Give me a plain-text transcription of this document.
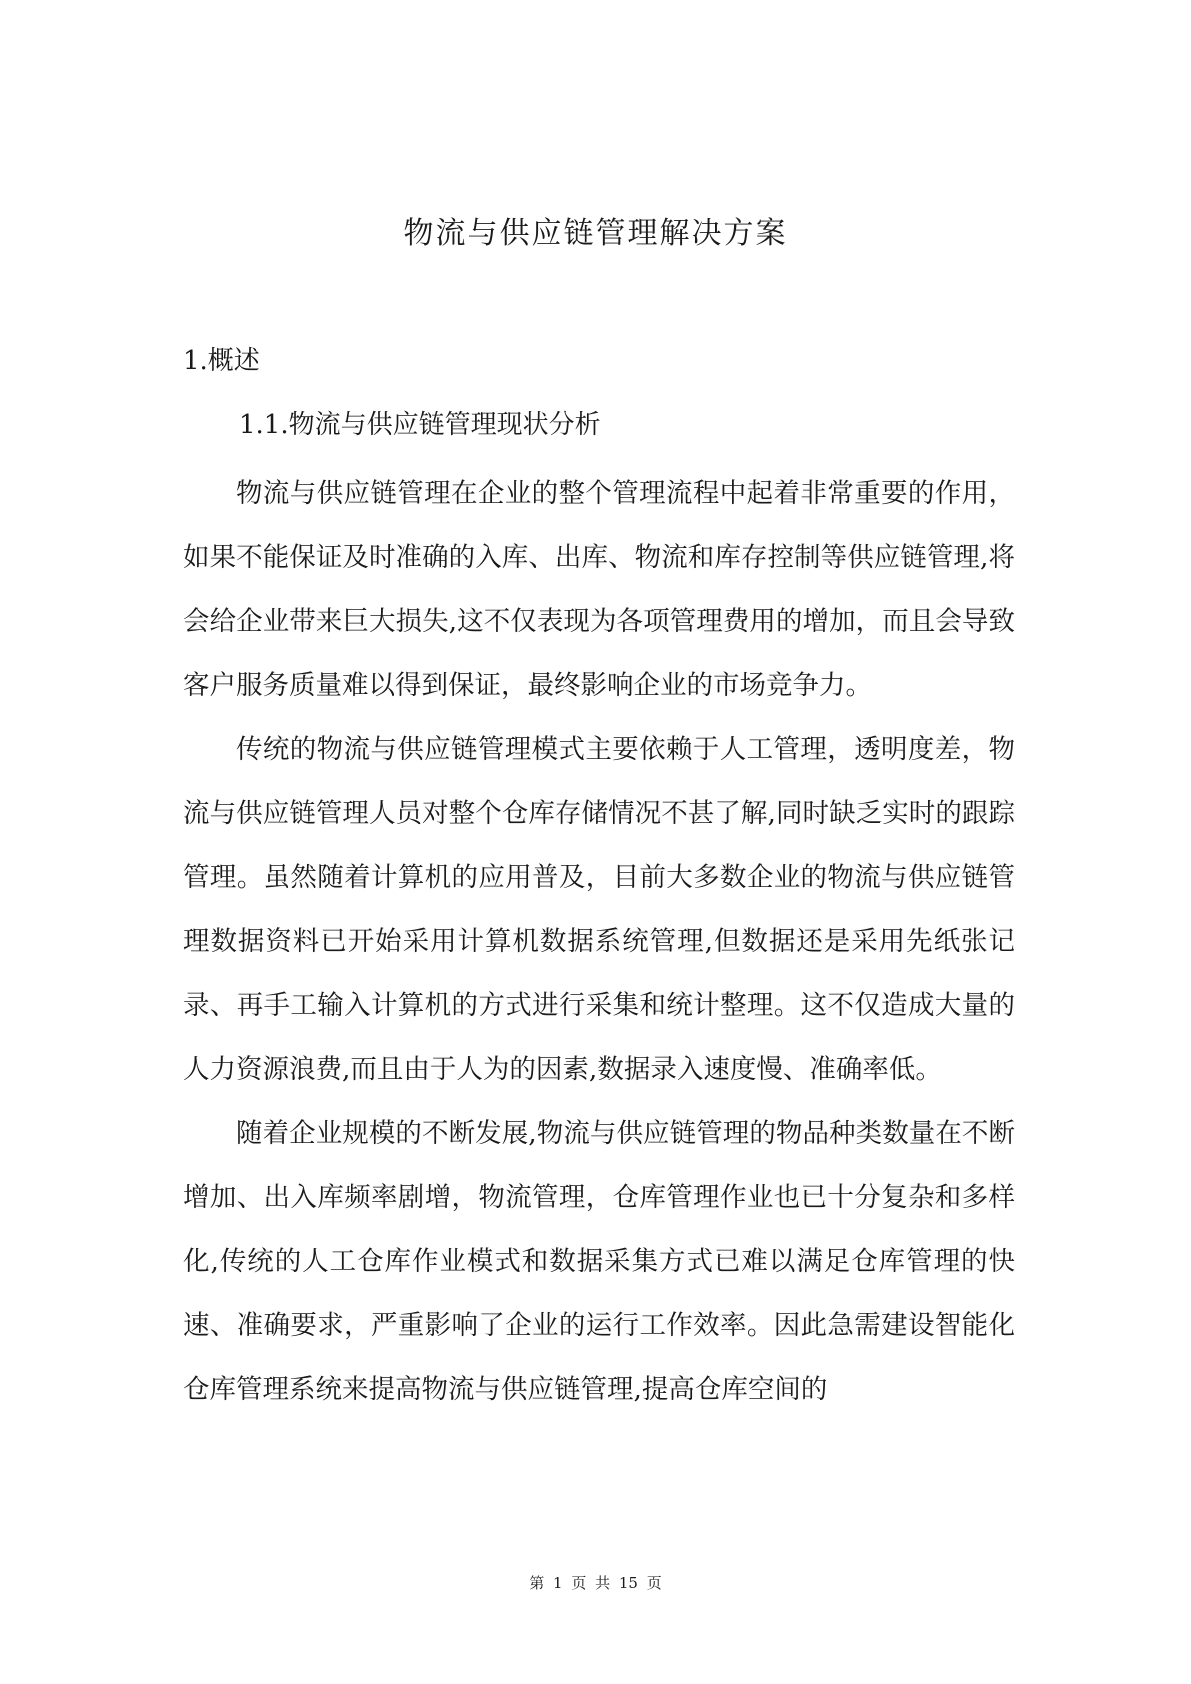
物流与供应链管理解决方案
1.概述
1.1.物流与供应链管理现状分析

物流与供应链管理在企业的整个管理流程中起着非常重要的作用，如果不能保证及时准确的入库、出库、物流和库存控制等供应链管理,将会给企业带来巨大损失,这不仅表现为各项管理费用的增加，而且会导致客户服务质量难以得到保证，最终影响企业的市场竞争力。

传统的物流与供应链管理模式主要依赖于人工管理，透明度差，物流与供应链管理人员对整个仓库存储情况不甚了解,同时缺乏实时的跟踪管理。虽然随着计算机的应用普及，目前大多数企业的物流与供应链管理数据资料已开始采用计算机数据系统管理,但数据还是采用先纸张记录、再手工输入计算机的方式进行采集和统计整理。这不仅造成大量的人力资源浪费,而且由于人为的因素,数据录入速度慢、准确率低。

随着企业规模的不断发展,物流与供应链管理的物品种类数量在不断增加、出入库频率剧增，物流管理，仓库管理作业也已十分复杂和多样化,传统的人工仓库作业模式和数据采集方式已难以满足仓库管理的快速、准确要求，严重影响了企业的运行工作效率。因此急需建设智能化仓库管理系统来提高物流与供应链管理,提高仓库空间的

第 1 页 共 15 页
